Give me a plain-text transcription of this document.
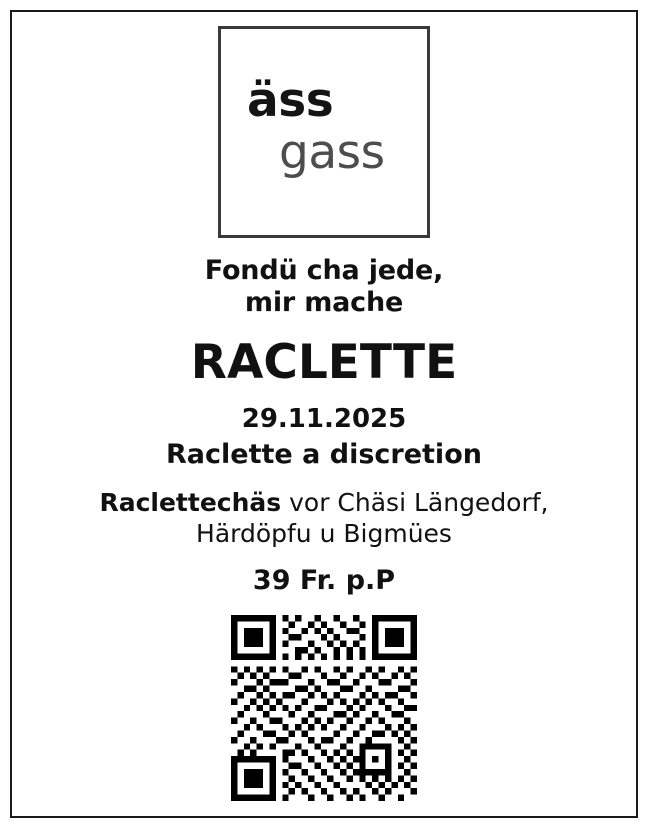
äss
gass
Fondü cha jede,
mir mache
RACLETTE
29.11.2025
Raclette a discretion
Raclettechäs vor Chäsi Längedorf,
Härdöpfu u Bigmües
39 Fr. p.P
